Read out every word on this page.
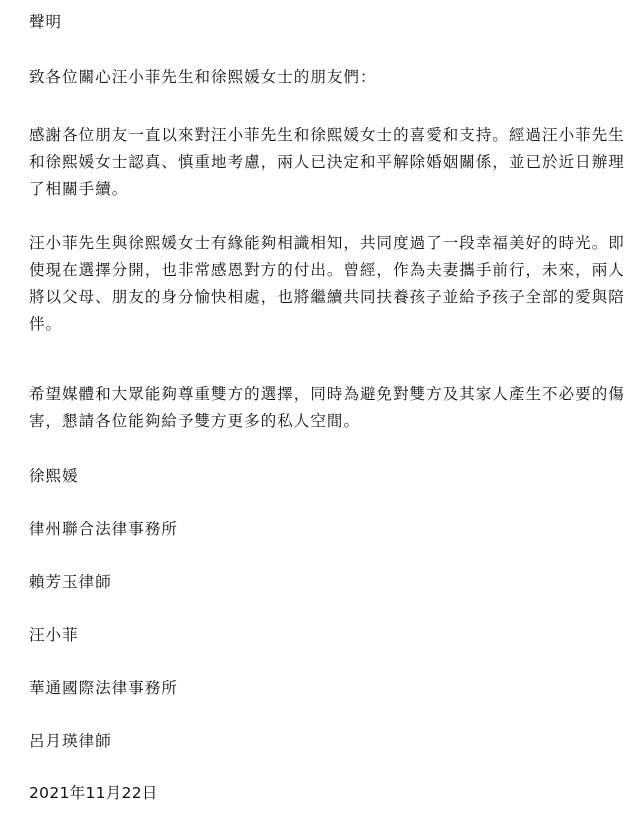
聲明
致各位關心汪小菲先生和徐熙媛女士的朋友們：
感謝各位朋友一直以來對汪小菲先生和徐熙媛女士的喜愛和支持。經過汪小菲先生
和徐熙媛女士認真、慎重地考慮，兩人已決定和平解除婚姻關係，並已於近日辦理
了相關手續。
汪小菲先生與徐熙媛女士有緣能夠相識相知，共同度過了一段幸福美好的時光。即
使現在選擇分開，也非常感恩對方的付出。曾經，作為夫妻攜手前行，未來，兩人
將以父母、朋友的身分愉快相處，也將繼續共同扶養孩子並給予孩子全部的愛與陪
伴。
希望媒體和大眾能夠尊重雙方的選擇，同時為避免對雙方及其家人產生不必要的傷
害，懇請各位能夠給予雙方更多的私人空間。
徐熙媛
律州聯合法律事務所
賴芳玉律師
汪小菲
華通國際法律事務所
呂月瑛律師
2021年11月22日
